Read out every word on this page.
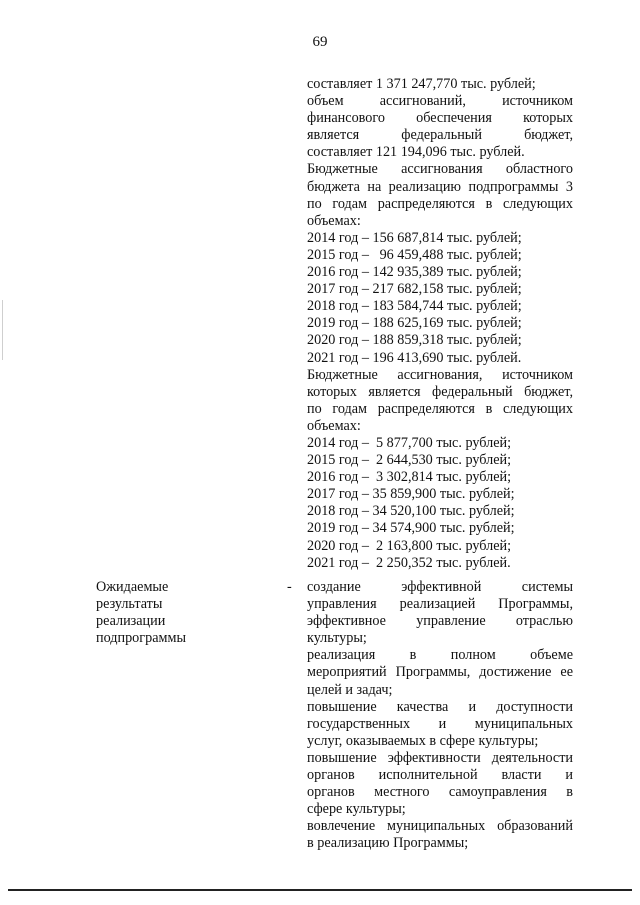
69
составляет 1 371 247,770 тыс. рублей;
объем ассигнований, источником
финансового обеспечения которых
является федеральный бюджет,
составляет 121 194,096 тыс. рублей.
Бюджетные ассигнования областного
бюджета на реализацию подпрограммы 3
по годам распределяются в следующих
объемах:
2014 год – 156 687,814 тыс. рублей;
2015 год –   96 459,488 тыс. рублей;
2016 год – 142 935,389 тыс. рублей;
2017 год – 217 682,158 тыс. рублей;
2018 год – 183 584,744 тыс. рублей;
2019 год – 188 625,169 тыс. рублей;
2020 год – 188 859,318 тыс. рублей;
2021 год – 196 413,690 тыс. рублей.
Бюджетные ассигнования, источником
которых является федеральный бюджет,
по годам распределяются в следующих
объемах:
2014 год –  5 877,700 тыс. рублей;
2015 год –  2 644,530 тыс. рублей;
2016 год –  3 302,814 тыс. рублей;
2017 год – 35 859,900 тыс. рублей;
2018 год – 34 520,100 тыс. рублей;
2019 год – 34 574,900 тыс. рублей;
2020 год –  2 163,800 тыс. рублей;
2021 год –  2 250,352 тыс. рублей.
Ожидаемые
результаты
реализации
подпрограммы
- создание эффективной системы
управления реализацией Программы,
эффективное управление отраслью
культуры;
реализация в полном объеме
мероприятий Программы, достижение ее
целей и задач;
повышение качества и доступности
государственных и муниципальных
услуг, оказываемых в сфере культуры;
повышение эффективности деятельности
органов исполнительной власти и
органов местного самоуправления в
сфере культуры;
вовлечение муниципальных образований
в реализацию Программы;
